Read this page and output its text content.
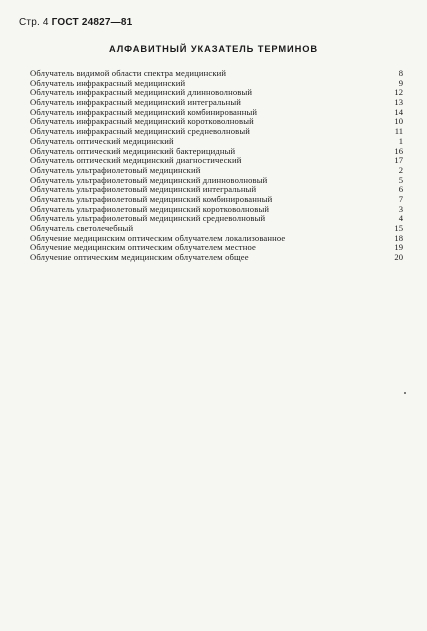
Стр. 4 ГОСТ 24827—81
АЛФАВИТНЫЙ УКАЗАТЕЛЬ ТЕРМИНОВ
Облучатель видимой области спектра медицинский	8
Облучатель инфракрасный медицинский	9
Облучатель инфракрасный медицинский длинноволновый	12
Облучатель инфракрасный медицинский интегральный	13
Облучатель инфракрасный медицинский комбинированный	14
Облучатель инфракрасный медицинский коротковолновый	10
Облучатель инфракрасный медицинский средневолновый	11
Облучатель оптический медицинский	1
Облучатель оптический медицинский бактерицидный	16
Облучатель оптический медицинский диагностический	17
Облучатель ультрафиолетовый медицинский	2
Облучатель ультрафиолетовый медицинский длинноволновый	5
Облучатель ультрафиолетовый медицинский интегральный	6
Облучатель ультрафиолетовый медицинский комбинированный	7
Облучатель ультрафиолетовый медицинский коротковолновый	3
Облучатель ультрафиолетовый медицинский средневолновый	4
Облучатель светолечебный	15
Облучение медицинским оптическим облучателем локализованное	18
Облучение медицинским оптическим облучателем местное	19
Облучение оптическим медицинским облучателем общее	20
